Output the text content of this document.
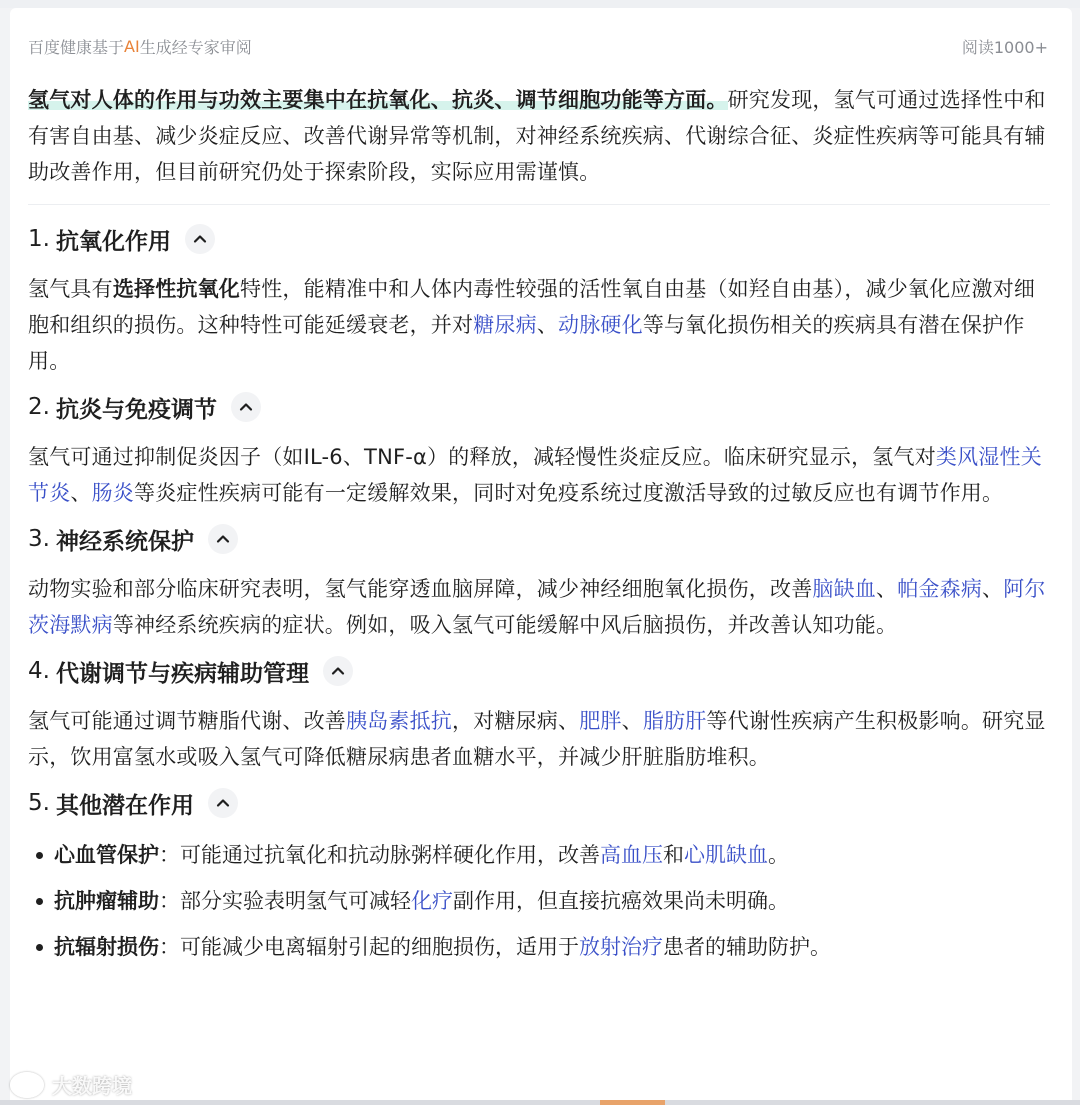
百度健康基于 AI 生成经专家审阅	阅读1000+

氢气对人体的作用与功效主要集中在抗氧化、抗炎、调节细胞功能等方面。研究发现，氢气可通过选择性中和有害自由基、减少炎症反应、改善代谢异常等机制，对神经系统疾病、代谢综合征、炎症性疾病等可能具有辅助改善作用，但目前研究仍处于探索阶段，实际应用需谨慎。

1. 抗氧化作用

氢气具有选择性抗氧化特性，能精准中和人体内毒性较强的活性氧自由基（如羟自由基），减少氧化应激对细胞和组织的损伤。这种特性可能延缓衰老，并对糖尿病、动脉硬化等与氧化损伤相关的疾病具有潜在保护作用。

2. 抗炎与免疫调节

氢气可通过抑制促炎因子（如IL-6、TNF-α）的释放，减轻慢性炎症反应。临床研究显示，氢气对类风湿性关节炎、肠炎等炎症性疾病可能有一定缓解效果，同时对免疫系统过度激活导致的过敏反应也有调节作用。

3. 神经系统保护

动物实验和部分临床研究表明，氢气能穿透血脑屏障，减少神经细胞氧化损伤，改善脑缺血、帕金森病、阿尔茨海默病等神经系统疾病的症状。例如，吸入氢气可能缓解中风后脑损伤，并改善认知功能。

4. 代谢调节与疾病辅助管理

氢气可能通过调节糖脂代谢、改善胰岛素抵抗，对糖尿病、肥胖、脂肪肝等代谢性疾病产生积极影响。研究显示，饮用富氢水或吸入氢气可降低糖尿病患者血糖水平，并减少肝脏脂肪堆积。

5. 其他潜在作用
心血管保护：可能通过抗氧化和抗动脉粥样硬化作用，改善高血压和心肌缺血。
抗肿瘤辅助：部分实验表明氢气可减轻化疗副作用，但直接抗癌效果尚未明确。
抗辐射损伤：可能减少电离辐射引起的细胞损伤，适用于放射治疗患者的辅助防护。
大数跨境
